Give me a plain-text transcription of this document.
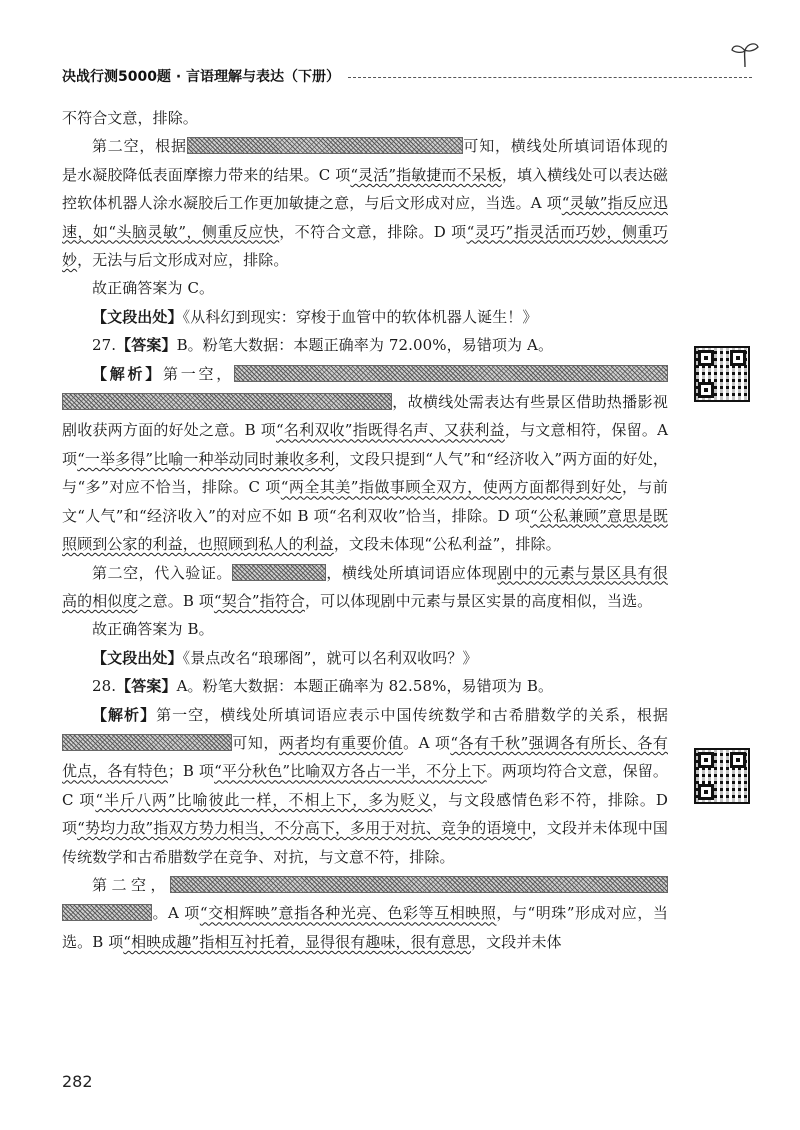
决战行测5000题 · 言语理解与表达（下册）

不符合文意，排除。

第二空，根据	可知，横线处所填词语体现的是水凝胶降低表面摩擦力带来的结果。C 项“灵活”指敏捷而不呆板，填入横线处可以表达磁控软体机器人涂水凝胶后工作更加敏捷之意，与后文形成对应，当选。A 项“灵敏”指反应迅速，如“头脑灵敏”，侧重反应快，不符合文意，排除。D 项“灵巧”指灵活而巧妙，侧重巧妙，无法与后文形成对应，排除。

故正确答案为 C。

【文段出处】《从科幻到现实：穿梭于血管中的软体机器人诞生！》

27.【答案】B。粉笔大数据：本题正确率为 72.00%，易错项为 A。

【解析】第一空，，故横线处需表达有些景区借助热播影视剧收获两方面的好处之意。B 项“名利双收”指既得名声、又获利益，与文意相符，保留。A 项“一举多得”比喻一种举动同时兼收多利，文段只提到“人气”和“经济收入”两方面的好处，与“多”对应不恰当，排除。C 项“两全其美”指做事顾全双方，使两方面都得到好处，与前文“人气”和“经济收入”的对应不如 B 项“名利双收”恰当，排除。D 项“公私兼顾”意思是既照顾到公家的利益，也照顾到私人的利益，文段未体现“公私利益”，排除。

第二空，代入验证。	，横线处所填词语应体现剧中的元素与景区具有很高的相似度之意。B 项“契合”指符合，可以体现剧中元素与景区实景的高度相似，当选。

故正确答案为 B。

【文段出处】《景点改名“琅琊阁”，就可以名利双收吗？》

28.【答案】A。粉笔大数据：本题正确率为 82.58%，易错项为 B。

【解析】第一空，横线处所填词语应表示中国传统数学和古希腊数学的关系，根据可知，两者均有重要价值。A 项“各有千秋”强调各有所长、各有优点，各有特色；B 项“平分秋色”比喻双方各占一半，不分上下。两项均符合文意，保留。C 项“半斤八两”比喻彼此一样，不相上下，多为贬义，与文段感情色彩不符，排除。D 项“势均力敌”指双方势力相当，不分高下，多用于对抗、竞争的语境中，文段并未体现中国传统数学和古希腊数学在竞争、对抗，与文意不符，排除。

第二空，。A 项“交相辉映”意指各种光亮、色彩等互相映照，与“明珠”形成对应，当选。B 项“相映成趣”指相互衬托着，显得很有趣味，很有意思，文段并未体

282
